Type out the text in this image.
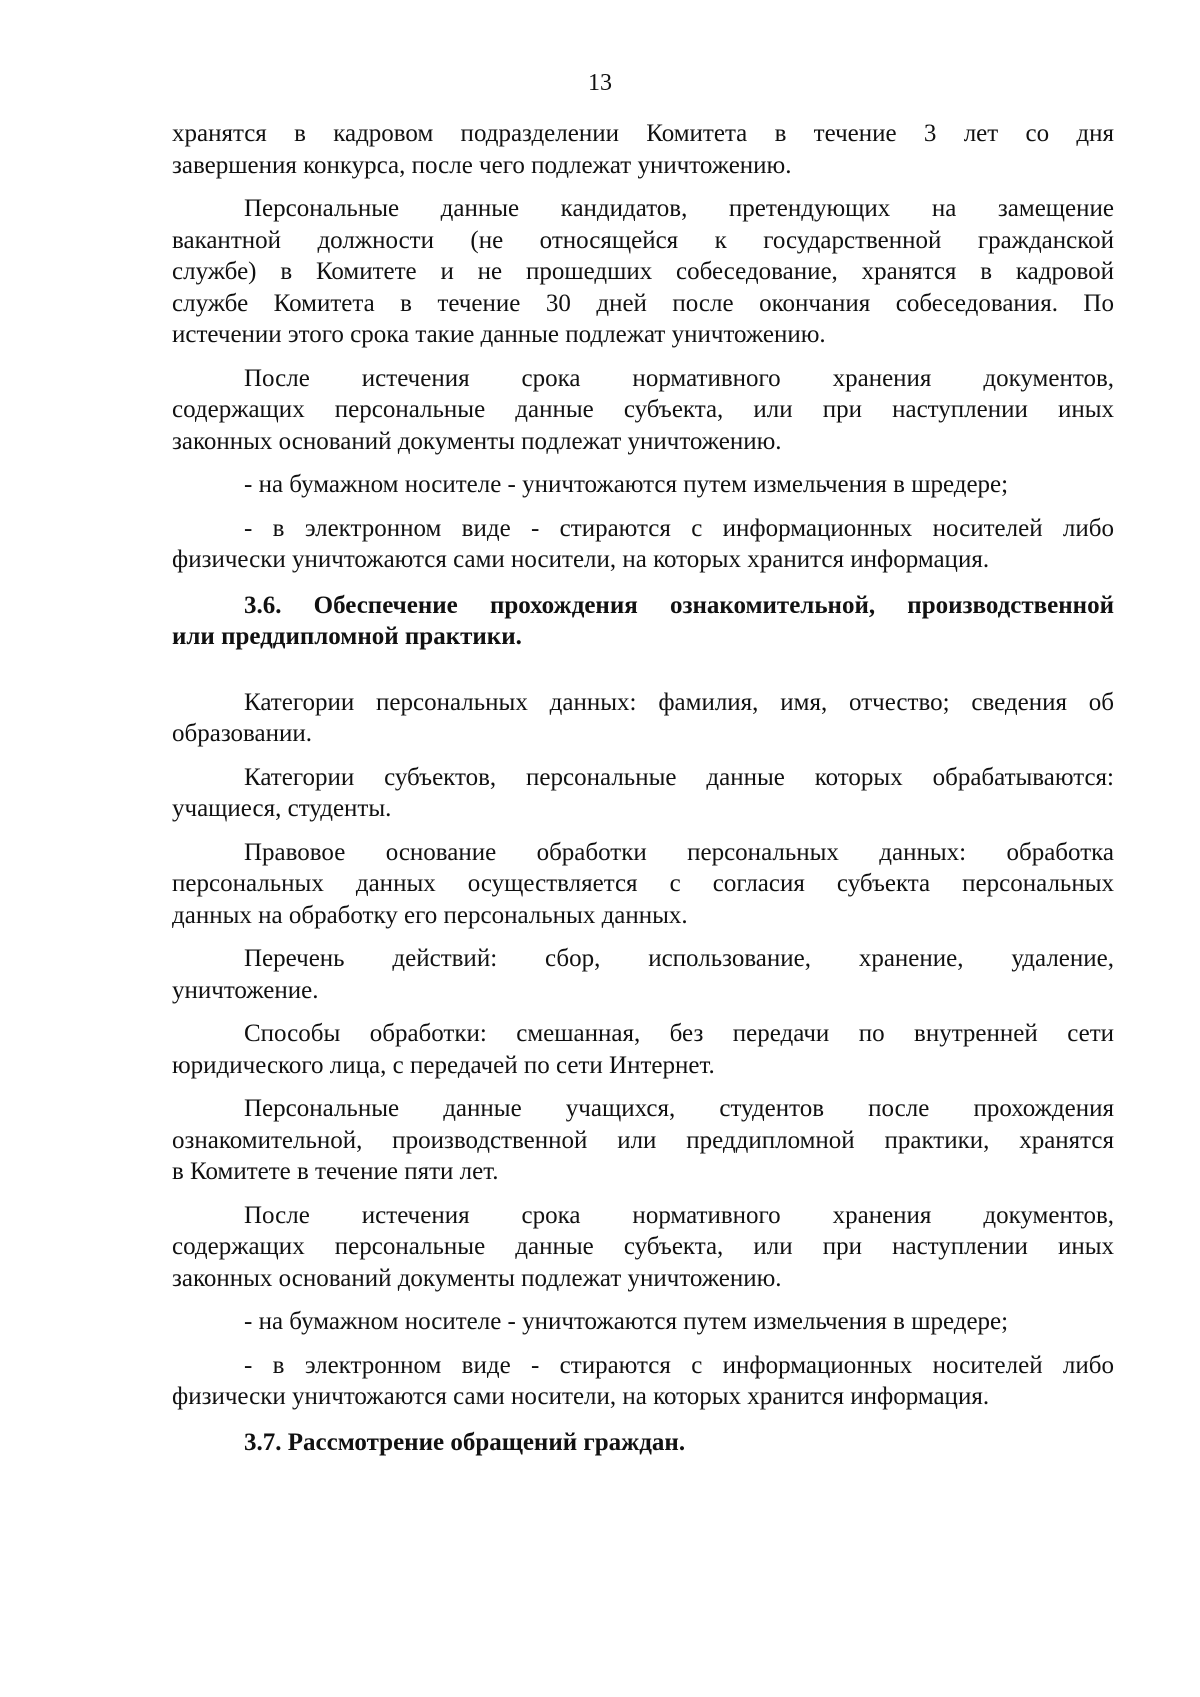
13

хранятся в кадровом подразделении Комитета в течение 3 лет со дня
завершения конкурса, после чего подлежат уничтожению.

Персональные данные кандидатов, претендующих на замещение
вакантной должности (не относящейся к государственной гражданской
службе) в Комитете и не прошедших собеседование, хранятся в кадровой
службе Комитета в течение 30 дней после окончания собеседования. По
истечении этого срока такие данные подлежат уничтожению.

После истечения срока нормативного хранения документов,
содержащих персональные данные субъекта, или при наступлении иных
законных оснований документы подлежат уничтожению.

- на бумажном носителе - уничтожаются путем измельчения в шредере;

- в электронном виде - стираются с информационных носителей либо
физически уничтожаются сами носители, на которых хранится информация.

3.6. Обеспечение прохождения ознакомительной, производственной
или преддипломной практики.

Категории персональных данных: фамилия, имя, отчество; сведения об
образовании.

Категории субъектов, персональные данные которых обрабатываются:
учащиеся, студенты.

Правовое основание обработки персональных данных: обработка
персональных данных осуществляется с согласия субъекта персональных
данных на обработку его персональных данных.

Перечень действий: сбор, использование, хранение, удаление,
уничтожение.

Способы обработки: смешанная, без передачи по внутренней сети
юридического лица, с передачей по сети Интернет.

Персональные данные учащихся, студентов после прохождения
ознакомительной, производственной или преддипломной практики, хранятся
в Комитете в течение пяти лет.

После истечения срока нормативного хранения документов,
содержащих персональные данные субъекта, или при наступлении иных
законных оснований документы подлежат уничтожению.

- на бумажном носителе - уничтожаются путем измельчения в шредере;

- в электронном виде - стираются с информационных носителей либо
физически уничтожаются сами носители, на которых хранится информация.

3.7. Рассмотрение обращений граждан.
